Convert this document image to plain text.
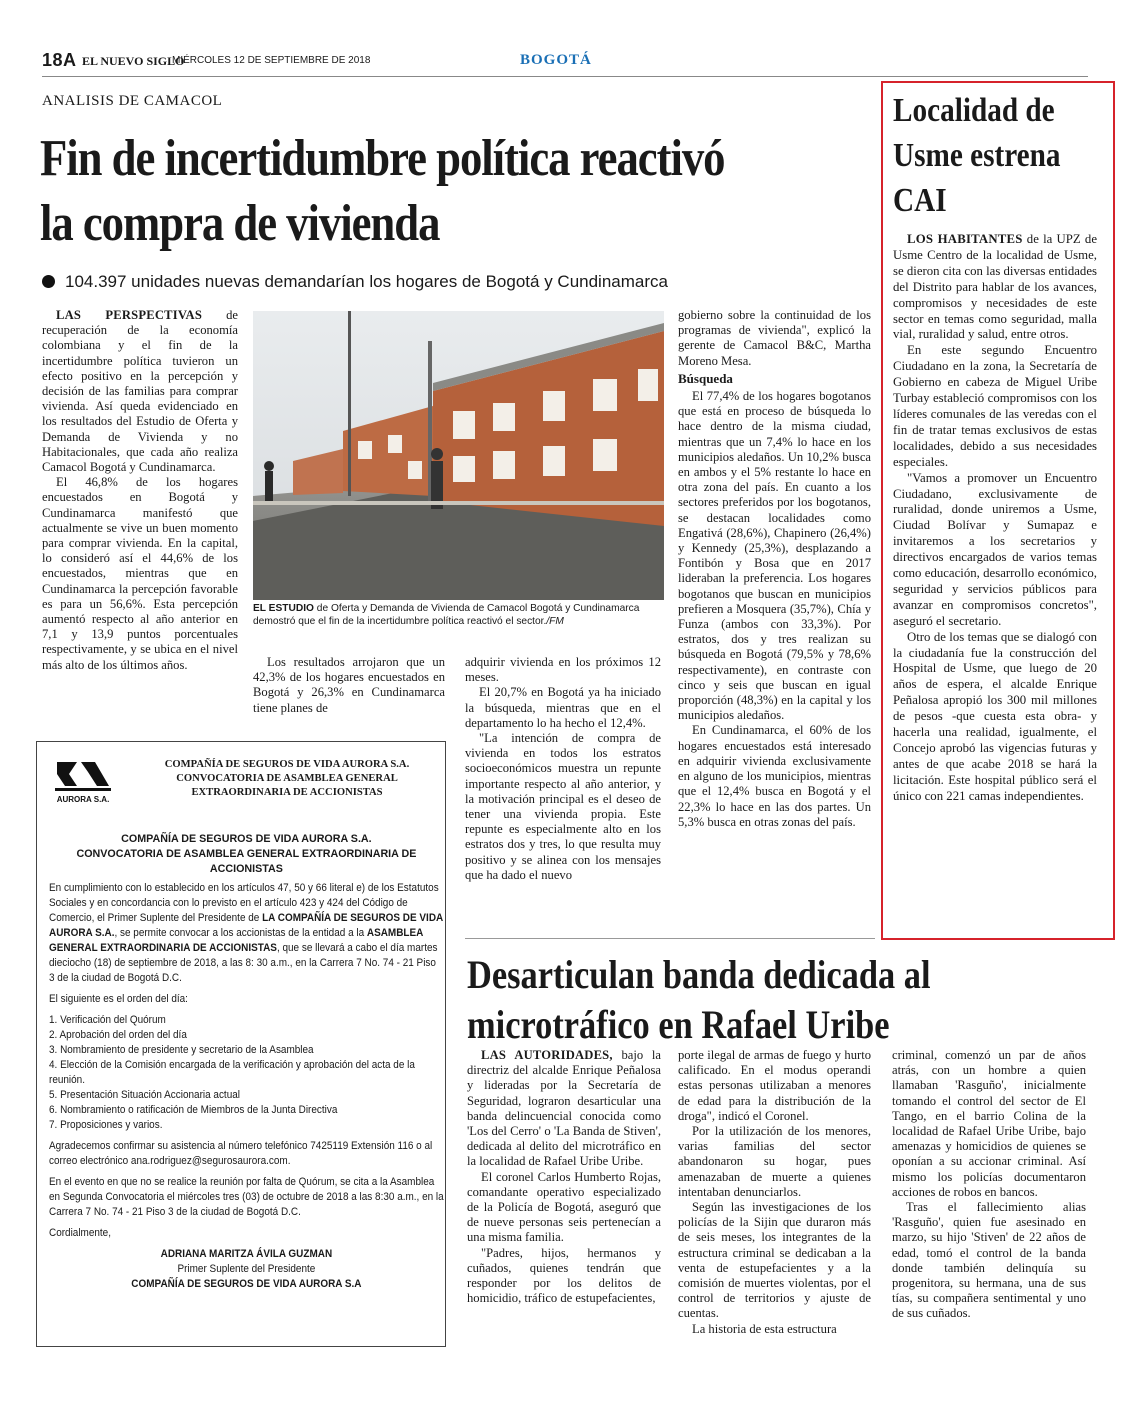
18A EL NUEVO SIGLO
MIÉRCOLES 12 DE SEPTIEMBRE DE 2018	BOGOTÁ
ANALISIS DE CAMACOL
Fin de incertidumbre política reactivó la compra de vivienda
104.397 unidades nuevas demandarían los hogares de Bogotá y Cundinamarca

LAS PERSPECTIVAS de recuperación de la economía colombiana y el fin de la incertidumbre política tuvieron un efecto positivo en la percepción y decisión de las familias para comprar vivienda. Así queda evidenciado en los resultados del Estudio de Oferta y Demanda de Vivienda y no Habitacionales, que cada año realiza Camacol Bogotá y Cundinamarca.

El 46,8% de los hogares encuestados en Bogotá y Cundinamarca manifestó que actualmente se vive un buen momento para comprar vivienda. En la capital, lo consideró así el 44,6% de los encuestados, mientras que en Cundinamarca la percepción favorable es para un 56,6%. Esta percepción aumentó respecto al año anterior en 7,1 y 13,9 puntos porcentuales respectivamente, y se ubica en el nivel más alto de los últimos años.

EL ESTUDIO de Oferta y Demanda de Vivienda de Camacol Bogotá y Cundinamarca demostró que el fin de la incertidumbre política reactivó el sector./FM

Los resultados arrojaron que un 42,3% de los hogares encuestados en Bogotá y 26,3% en Cundinamarca tiene planes de

adquirir vivienda en los próximos 12 meses.

El 20,7% en Bogotá ya ha iniciado la búsqueda, mientras que en el departamento lo ha hecho el 12,4%.

"La intención de compra de vivienda en todos los estratos socioeconómicos muestra un repunte importante respecto al año anterior, y la motivación principal es el deseo de tener una vivienda propia. Este repunte es especialmente alto en los estratos dos y tres, lo que resulta muy positivo y se alinea con los mensajes que ha dado el nuevo

gobierno sobre la continuidad de los programas de vivienda", explicó la gerente de Camacol B&C, Martha Moreno Mesa.

Búsqueda

El 77,4% de los hogares bogotanos que está en proceso de búsqueda lo hace dentro de la misma ciudad, mientras que un 7,4% lo hace en los municipios aledaños. Un 10,2% busca en ambos y el 5% restante lo hace en otra zona del país. En cuanto a los sectores preferidos por los bogotanos, se destacan localidades como Engativá (28,6%), Chapinero (26,4%) y Kennedy (25,3%), desplazando a Fontibón y Bosa que en 2017 lideraban la preferencia. Los hogares bogotanos que buscan en municipios prefieren a Mosquera (35,7%), Chía y Funza (ambos con 33,3%). Por estratos, dos y tres realizan su búsqueda en Bogotá (79,5% y 78,6% respectivamente), en contraste con cinco y seis que buscan en igual proporción (48,3%) en la capital y los municipios aledaños.

En Cundinamarca, el 60% de los hogares encuestados está interesado en adquirir vivienda exclusivamente en alguno de los municipios, mientras que el 12,4% busca en Bogotá y el 22,3% lo hace en las dos partes. Un 5,3% busca en otras zonas del país.

AURORA S.A.
COMPAÑÍA DE SEGUROS DE VIDA AURORA S.A.
CONVOCATORIA DE ASAMBLEA GENERAL
EXTRAORDINARIA DE ACCIONISTAS
COMPAÑÍA DE SEGUROS DE VIDA AURORA S.A.
CONVOCATORIA DE ASAMBLEA GENERAL EXTRAORDINARIA DE ACCIONISTAS

En cumplimiento con lo establecido en los artículos 47, 50 y 66 literal e) de los Estatutos Sociales y en concordancia con lo previsto en el artículo 423 y 424 del Código de Comercio, el Primer Suplente del Presidente de LA COMPAÑÍA DE SEGUROS DE VIDA AURORA S.A., se permite convocar a los accionistas de la entidad a la ASAMBLEA GENERAL EXTRAORDINARIA DE ACCIONISTAS, que se llevará a cabo el día martes dieciocho (18) de septiembre de 2018, a las 8: 30 a.m., en la Carrera 7 No. 74 - 21 Piso 3 de la ciudad de Bogotá D.C.

El siguiente es el orden del día:

1. Verificación del Quórum
2. Aprobación del orden del día
3. Nombramiento de presidente y secretario de la Asamblea
4. Elección de la Comisión encargada de la verificación y aprobación del acta de la reunión.
5. Presentación Situación Accionaria actual
6. Nombramiento o ratificación de Miembros de la Junta Directiva
7. Proposiciones y varios.

Agradecemos confirmar su asistencia al número telefónico 7425119 Extensión 116 o al correo electrónico ana.rodriguez@segurosaurora.com.

En el evento en que no se realice la reunión por falta de Quórum, se cita a la Asamblea en Segunda Convocatoria el miércoles tres (03) de octubre de 2018 a las 8:30 a.m., en la Carrera 7 No. 74 - 21 Piso 3 de la ciudad de Bogotá D.C.

Cordialmente,

ADRIANA MARITZA ÁVILA GUZMAN
Primer Suplente del Presidente
COMPAÑÍA DE SEGUROS DE VIDA AURORA S.A
Localidad de Usme estrena CAI

LOS HABITANTES de la UPZ de Usme Centro de la localidad de Usme, se dieron cita con las diversas entidades del Distrito para hablar de los avances, compromisos y necesidades de este sector en temas como seguridad, malla vial, ruralidad y salud, entre otros.

En este segundo Encuentro Ciudadano en la zona, la Secretaría de Gobierno en cabeza de Miguel Uribe Turbay estableció compromisos con los líderes comunales de las veredas con el fin de tratar temas exclusivos de estas localidades, debido a sus necesidades especiales.

"Vamos a promover un Encuentro Ciudadano, exclusivamente de ruralidad, donde uniremos a Usme, Ciudad Bolívar y Sumapaz e invitaremos a los secretarios y directivos encargados de varios temas como educación, desarrollo económico, seguridad y servicios públicos para avanzar en compromisos concretos", aseguró el secretario.

Otro de los temas que se dialogó con la ciudadanía fue la construcción del Hospital de Usme, que luego de 20 años de espera, el alcalde Enrique Peñalosa apropió los 300 mil millones de pesos -que cuesta esta obra- y hacerla una realidad, igualmente, el Concejo aprobó las vigencias futuras y antes de que acabe 2018 se hará la licitación. Este hospital público será el único con 221 camas independientes.

Desarticulan banda dedicada al microtráfico en Rafael Uribe

LAS AUTORIDADES, bajo la directriz del alcalde Enrique Peñalosa y lideradas por la Secretaría de Seguridad, lograron desarticular una banda delincuencial conocida como 'Los del Cerro' o 'La Banda de Stiven', dedicada al delito del microtráfico en la localidad de Rafael Uribe Uribe.

El coronel Carlos Humberto Rojas, comandante operativo especializado de la Policía de Bogotá, aseguró que de nueve personas seis pertenecían a una misma familia.

"Padres, hijos, hermanos y cuñados, quienes tendrán que responder por los delitos de homicidio, tráfico de estupefacientes,

porte ilegal de armas de fuego y hurto calificado. En el modus operandi estas personas utilizaban a menores de edad para la distribución de la droga", indicó el Coronel.

Por la utilización de los menores, varias familias del sector abandonaron su hogar, pues amenazaban de muerte a quienes intentaban denunciarlos.

Según las investigaciones de los policías de la Sijin que duraron más de seis meses, los integrantes de la estructura criminal se dedicaban a la venta de estupefacientes y a la comisión de muertes violentas, por el control de territorios y ajuste de cuentas.

La historia de esta estructura

criminal, comenzó un par de años atrás, con un hombre a quien llamaban 'Rasguño', inicialmente tomando el control del sector de El Tango, en el barrio Colina de la localidad de Rafael Uribe Uribe, bajo amenazas y homicidios de quienes se oponían a su accionar criminal. Así mismo los policías documentaron acciones de robos en bancos.

Tras el fallecimiento alias 'Rasguño', quien fue asesinado en marzo, su hijo 'Stiven' de 22 años de edad, tomó el control de la banda donde también delinquía su progenitora, su hermana, una de sus tías, su compañera sentimental y uno de sus cuñados.
